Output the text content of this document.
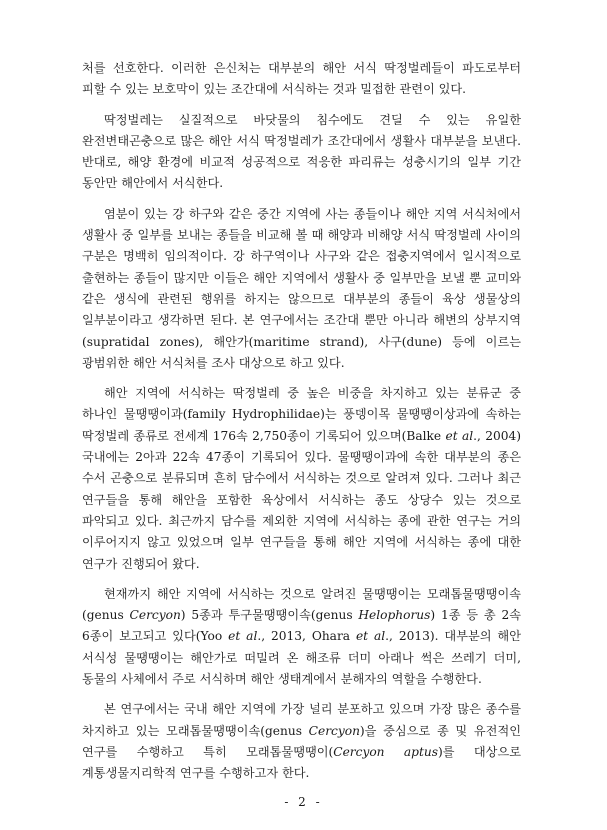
처를 선호한다. 이러한 은신처는 대부분의 해안 서식 딱정벌레들이 파도로부터 피할 수 있는 보호막이 있는 조간대에 서식하는 것과 밀접한 관련이 있다.

딱정벌레는 실질적으로 바닷물의 침수에도 견딜 수 있는 유일한 완전변태곤충으로 많은 해안 서식 딱정벌레가 조간대에서 생활사 대부분을 보낸다. 반대로, 해양 환경에 비교적 성공적으로 적응한 파리류는 성충시기의 일부 기간 동안만 해안에서 서식한다.

염분이 있는 강 하구와 같은 중간 지역에 사는 종들이나 해안 지역 서식처에서 생활사 중 일부를 보내는 종들을 비교해 볼 때 해양과 비해양 서식 딱정벌레 사이의 구분은 명백히 임의적이다. 강 하구역이나 사구와 같은 접충지역에서 일시적으로 출현하는 종들이 많지만 이들은 해안 지역에서 생활사 중 일부만을 보낼 뿐 교미와 같은 생식에 관련된 행위를 하지는 않으므로 대부분의 종들이 육상 생물상의 일부분이라고 생각하면 된다. 본 연구에서는 조간대 뿐만 아니라 해변의 상부지역(supratidal zones), 해안가(maritime strand), 사구(dune) 등에 이르는 광범위한 해안 서식처를 조사 대상으로 하고 있다.

해안 지역에 서식하는 딱정벌레 중 높은 비중을 차지하고 있는 분류군 중 하나인 물땡땡이과(family Hydrophilidae)는 풍뎅이목 물땡땡이상과에 속하는 딱정벌레 종류로 전세계 176속 2,750종이 기록되어 있으며(Balke et al., 2004) 국내에는 2아과 22속 47종이 기록되어 있다. 물땡땡이과에 속한 대부분의 종은 수서 곤충으로 분류되며 흔히 담수에서 서식하는 것으로 알려져 있다. 그러나 최근 연구들을 통해 해안을 포함한 육상에서 서식하는 종도 상당수 있는 것으로 파악되고 있다. 최근까지 담수를 제외한 지역에 서식하는 종에 관한 연구는 거의 이루어지지 않고 있었으며 일부 연구들을 통해 해안 지역에 서식하는 종에 대한 연구가 진행되어 왔다.

현재까지 해안 지역에 서식하는 것으로 알려진 물땡땡이는 모래톱물땡땡이속(genus Cercyon) 5종과 투구물땡땡이속(genus Helophorus) 1종 등 총 2속 6종이 보고되고 있다(Yoo et al., 2013, Ohara et al., 2013). 대부분의 해안 서식성 물땡땡이는 해안가로 떠밀려 온 해조류 더미 아래나 썩은 쓰레기 더미, 동물의 사체에서 주로 서식하며 해안 생태계에서 분해자의 역할을 수행한다.

본 연구에서는 국내 해안 지역에 가장 널리 분포하고 있으며 가장 많은 종수를 차지하고 있는 모래톱물땡땡이속(genus Cercyon)을 중심으로 종 및 유전적인 연구를 수행하고 특히 모래톱물땡땡이(Cercyon aptus)를 대상으로 계통생물지리학적 연구를 수행하고자 한다.

- 2 -
